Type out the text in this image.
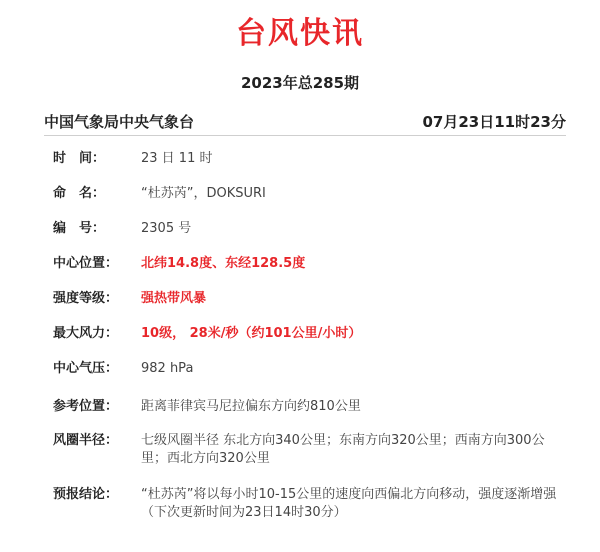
台风快讯
2023年总285期
中国气象局中央气象台	07月23日11时23分
时　间：	23 日 11 时
命　名：	“杜苏芮”，DOKSURI
编　号：	2305 号
中心位置：	北纬14.8度、东经128.5度
强度等级：	强热带风暴
最大风力：	10级， 28米/秒（约101公里/小时）
中心气压：	982 hPa
参考位置：	距离菲律宾马尼拉偏东方向约810公里
风圈半径：	七级风圈半径 东北方向340公里；东南方向320公里；西南方向300公里；西北方向320公里
预报结论：	“杜苏芮”将以每小时10-15公里的速度向西偏北方向移动，强度逐渐增强
（下次更新时间为23日14时30分）
